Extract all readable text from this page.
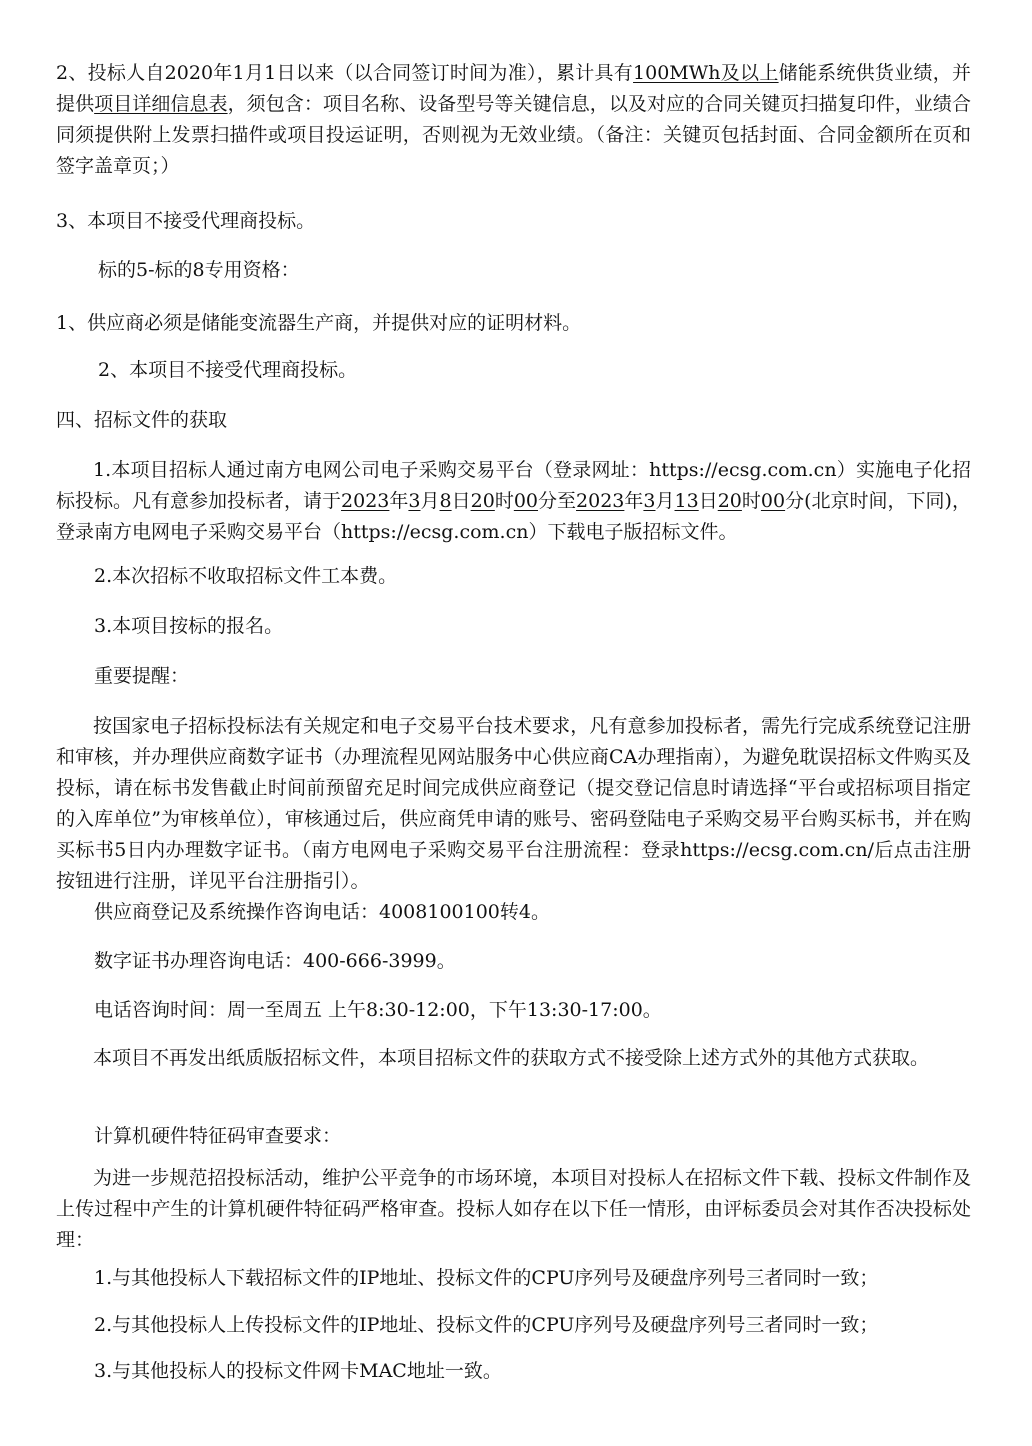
2、投标人自2020年1月1日以来（以合同签订时间为准），累计具有100MWh及以上储能系统供货业绩，并提供项目详细信息表，须包含：项目名称、设备型号等关键信息，以及对应的合同关键页扫描复印件，业绩合同须提供附上发票扫描件或项目投运证明，否则视为无效业绩。（备注：关键页包括封面、合同金额所在页和签字盖章页；）

3、本项目不接受代理商投标。

标的5-标的8专用资格：

1、供应商必须是储能变流器生产商，并提供对应的证明材料。

2、本项目不接受代理商投标。

四、招标文件的获取

1.本项目招标人通过南方电网公司电子采购交易平台（登录网址：https://ecsg.com.cn）实施电子化招标投标。凡有意参加投标者，请于2023年3月8日20时00分至2023年3月13日20时00分(北京时间，下同)，登录南方电网电子采购交易平台（https://ecsg.com.cn）下载电子版招标文件。

2.本次招标不收取招标文件工本费。

3.本项目按标的报名。

重要提醒：

按国家电子招标投标法有关规定和电子交易平台技术要求，凡有意参加投标者，需先行完成系统登记注册和审核，并办理供应商数字证书（办理流程见网站服务中心供应商CA办理指南），为避免耽误招标文件购买及投标，请在标书发售截止时间前预留充足时间完成供应商登记（提交登记信息时请选择“平台或招标项目指定的入库单位”为审核单位），审核通过后，供应商凭申请的账号、密码登陆电子采购交易平台购买标书，并在购买标书5日内办理数字证书。（南方电网电子采购交易平台注册流程：登录https://ecsg.com.cn/后点击注册按钮进行注册，详见平台注册指引）。

供应商登记及系统操作咨询电话：4008100100转4。

数字证书办理咨询电话：400-666-3999。

电话咨询时间：周一至周五 上午8:30-12:00，下午13:30-17:00。

本项目不再发出纸质版招标文件，本项目招标文件的获取方式不接受除上述方式外的其他方式获取。

计算机硬件特征码审查要求：

为进一步规范招投标活动，维护公平竞争的市场环境，本项目对投标人在招标文件下载、投标文件制作及上传过程中产生的计算机硬件特征码严格审查。投标人如存在以下任一情形，由评标委员会对其作否决投标处理：

1.与其他投标人下载招标文件的IP地址、投标文件的CPU序列号及硬盘序列号三者同时一致；

2.与其他投标人上传投标文件的IP地址、投标文件的CPU序列号及硬盘序列号三者同时一致；

3.与其他投标人的投标文件网卡MAC地址一致。
